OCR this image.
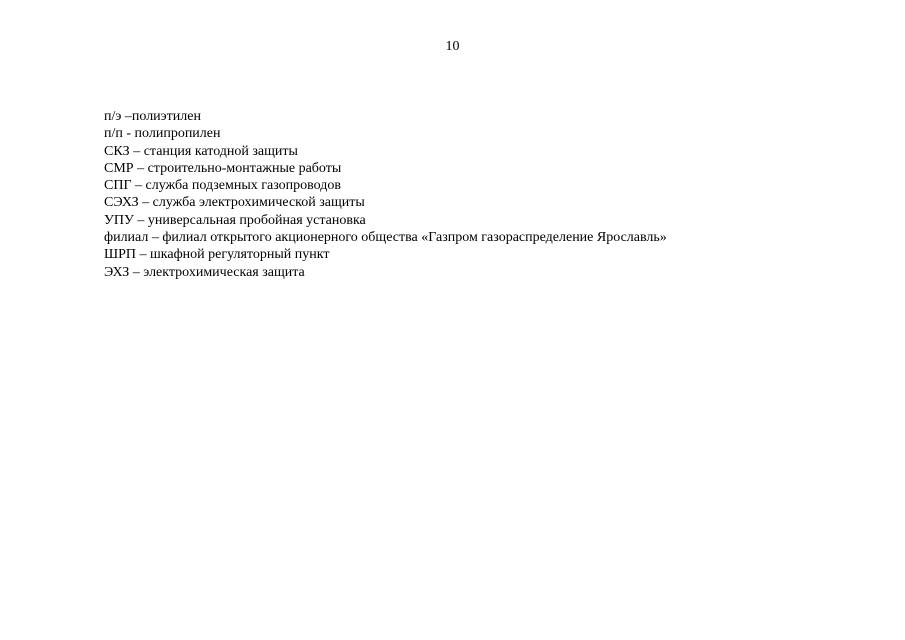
10
п/э –полиэтилен
п/п - полипропилен
СКЗ – станция катодной защиты
СМР – строительно-монтажные работы
СПГ – служба подземных газопроводов
СЭХЗ – служба электрохимической защиты
УПУ – универсальная пробойная установка
филиал – филиал открытого акционерного общества «Газпром газораспределение Ярославль»
ШРП – шкафной регуляторный пункт
ЭХЗ – электрохимическая защита
